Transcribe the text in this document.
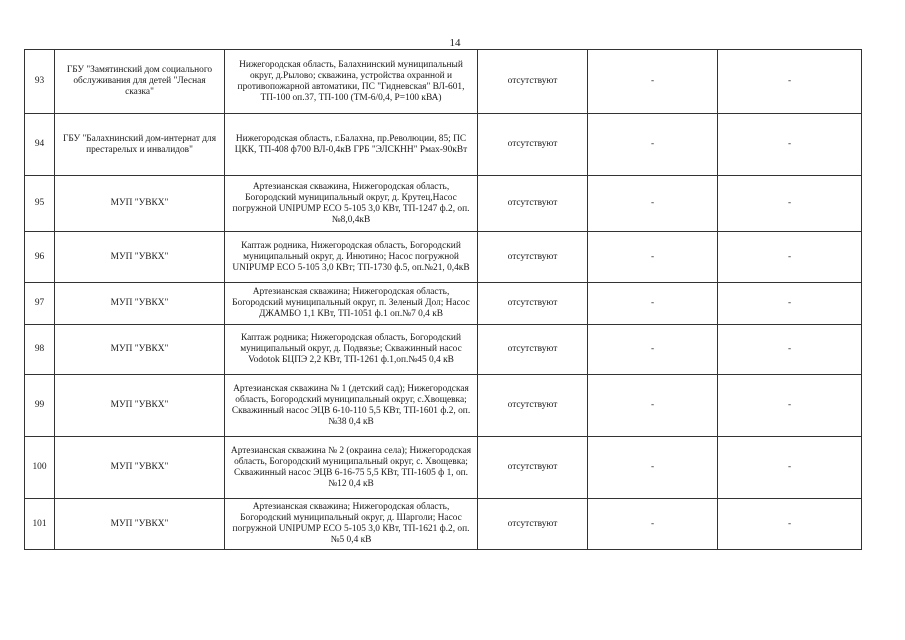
14
93	ГБУ "Замятинский дом социального обслуживания для детей "Лесная сказка"	Нижегородская область, Балахнинский муниципальный округ, д.Рылово; скважина, устройства охранной и противопожарной автоматики, ПС "Гидневская" ВЛ-601, ТП-100 оп.37, ТП-100 (ТМ-6/0,4, Р=100 кВА)	отсутствуют	-	-
94	ГБУ "Балахнинский дом-интернат для престарелых и инвалидов"	Нижегородская область, г.Балахна, пр.Революции, 85; ПС ЦКК, ТП-408 ф700 ВЛ-0,4кВ ГРБ "ЭЛСКНН" Рмах-90кВт	отсутствуют	-	-
95	МУП "УВКХ"	Артезианская скважина, Нижегородская область, Богородский муниципальный округ, д. Крутец,Насос погружной UNIPUMP ECO 5-105 3,0 КВт, ТП-1247 ф.2, оп.№8,0,4кВ	отсутствуют	-	-
96	МУП "УВКХ"	Каптаж родника, Нижегородская область, Богородский муниципальный округ, д. Инютино; Насос погружной UNIPUMP ECO 5-105 3,0 КВт; ТП-1730 ф.5, оп.№21, 0,4кВ	отсутствуют	-	-
97	МУП "УВКХ"	Артезианская скважина; Нижегородская область, Богородский муниципальный округ, п. Зеленый Дол; Насос ДЖАМБО 1,1 КВт, ТП-1051 ф.1 оп.№7 0,4 кВ	отсутствуют	-	-
98	МУП "УВКХ"	Каптаж родника; Нижегородская область, Богородский муниципальный округ, д. Подвязье; Скважинный насос Vodotok БЦПЭ 2,2 КВт, ТП-1261 ф.1,оп.№45 0,4 кВ	отсутствуют	-	-
99	МУП "УВКХ"	Артезианская скважина № 1 (детский сад); Нижегородская область, Богородский муниципальный округ, с.Хвощевка; Скважинный насос ЭЦВ 6-10-110 5,5 КВт, ТП-1601 ф.2, оп. №38 0,4 кВ	отсутствуют	-	-
100	МУП "УВКХ"	Артезианская скважина № 2 (окраина села); Нижегородская область, Богородский муниципальный округ, с. Хвощевка; Скважинный насос ЭЦВ 6-16-75 5,5 КВт, ТП-1605 ф 1, оп.№12 0,4 кВ	отсутствуют	-	-
101	МУП "УВКХ"	Артезианская скважина; Нижегородская область, Богородский муниципальный округ, д. Шарголи; Насос погружной UNIPUMP ECO 5-105 3,0 КВт, ТП-1621 ф.2, оп.№5 0,4 кВ	отсутствуют	-	-
